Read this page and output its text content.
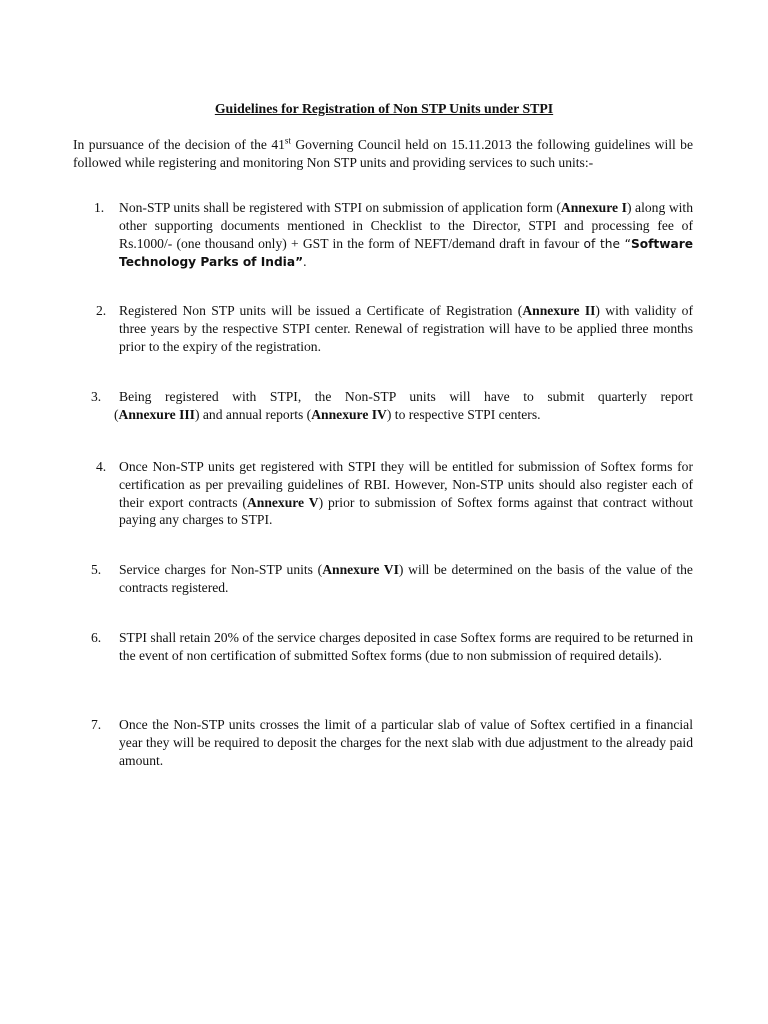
Guidelines for Registration of Non STP Units under STPI

In pursuance of the decision of the 41st Governing Council held on 15.11.2013 the following guidelines will be followed while registering and monitoring Non STP units and providing services to such units:-

1.	Non-STP units shall be registered with STPI on submission of application form (Annexure I) along with other supporting documents mentioned in Checklist to the Director, STPI and processing fee of Rs.1000/- (one thousand only) + GST in the form of NEFT/demand draft in favour of the “Software Technology Parks of India”.

2. Registered Non STP units will be issued a Certificate of Registration (Annexure II) with validity of three years by the respective STPI center. Renewal of registration will have to be applied three months prior to the expiry of the registration.

3.	Being registered with STPI, the Non-STP units will have to submit quarterly report
(Annexure III) and annual reports (Annexure IV) to respective STPI centers.

4. Once Non-STP units get registered with STPI they will be entitled for submission of Softex forms for certification as per prevailing guidelines of RBI. However, Non-STP units should also register each of their export contracts (Annexure V) prior to submission of Softex forms against that contract without paying any charges to STPI.

5.	Service charges for Non-STP units (Annexure VI) will be determined on the basis of the value of the contracts registered.

6.	STPI shall retain 20% of the service charges deposited in case Softex forms are required to be returned in the event of non certification of submitted Softex forms (due to non submission of required details).

7.	Once the Non-STP units crosses the limit of a particular slab of value of Softex certified in a financial year they will be required to deposit the charges for the next slab with due adjustment to the already paid amount.
